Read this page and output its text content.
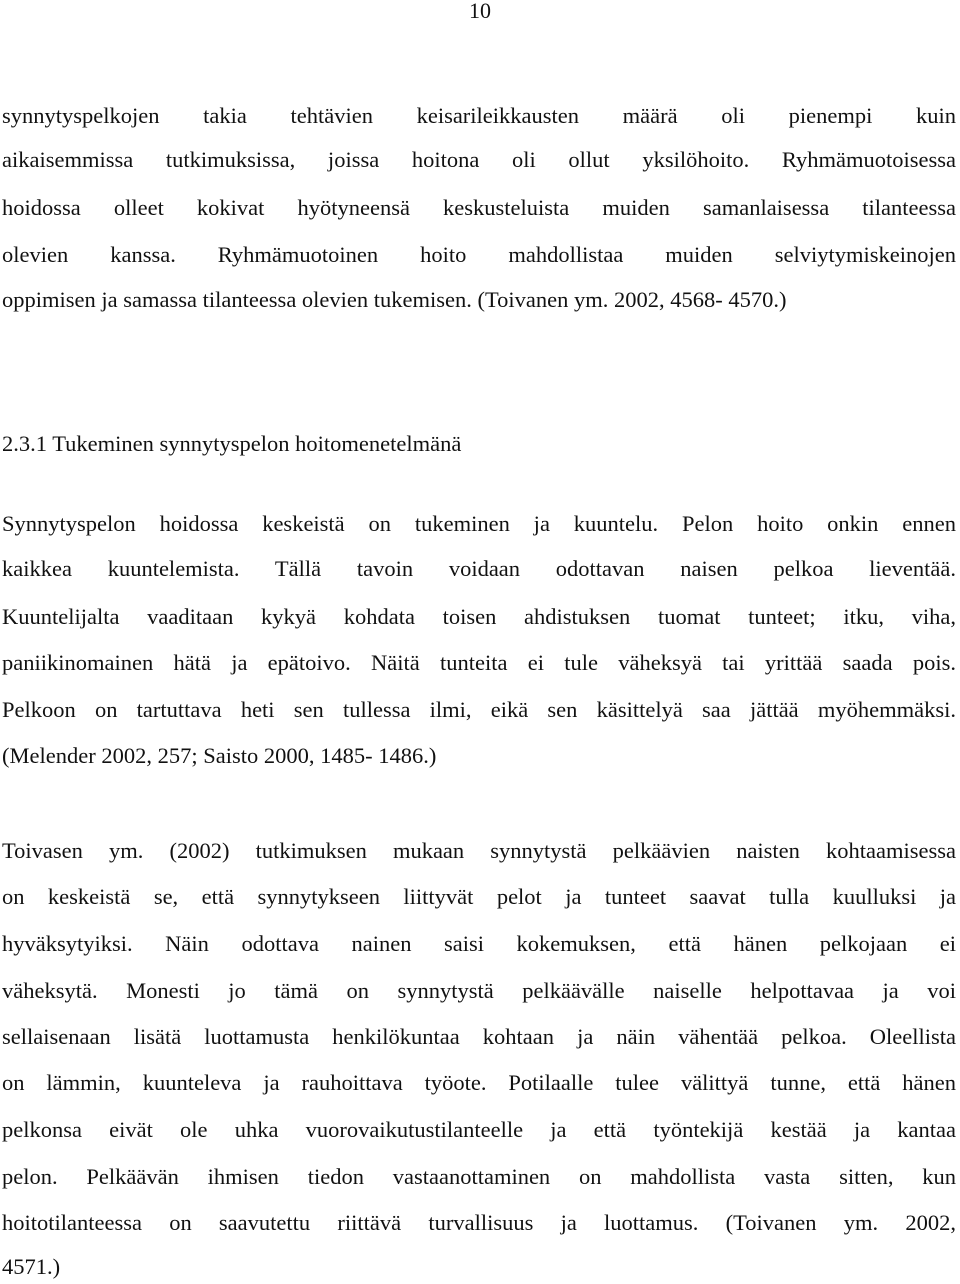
10
synnytyspelkojen takia tehtävien keisarileikkausten määrä oli pienempi kuin
aikaisemmissa tutkimuksissa, joissa hoitona oli ollut yksilöhoito. Ryhmämuotoisessa
hoidossa olleet kokivat hyötyneensä keskusteluista muiden samanlaisessa tilanteessa
olevien kanssa. Ryhmämuotoinen hoito mahdollistaa muiden selviytymiskeinojen
oppimisen ja samassa tilanteessa olevien tukemisen. (Toivanen ym. 2002, 4568- 4570.)
2.3.1 Tukeminen synnytyspelon hoitomenetelmänä
Synnytyspelon hoidossa keskeistä on tukeminen ja kuuntelu. Pelon hoito onkin ennen
kaikkea kuuntelemista. Tällä tavoin voidaan odottavan naisen pelkoa lieventää.
Kuuntelijalta vaaditaan kykyä kohdata toisen ahdistuksen tuomat tunteet; itku, viha,
paniikinomainen hätä ja epätoivo. Näitä tunteita ei tule väheksyä tai yrittää saada pois.
Pelkoon on tartuttava heti sen tullessa ilmi, eikä sen käsittelyä saa jättää myöhemmäksi.
(Melender 2002, 257; Saisto 2000, 1485- 1486.)
Toivasen ym. (2002) tutkimuksen mukaan synnytystä pelkäävien naisten kohtaamisessa
on keskeistä se, että synnytykseen liittyvät pelot ja tunteet saavat tulla kuulluksi ja
hyväksytyiksi. Näin odottava nainen saisi kokemuksen, että hänen pelkojaan ei
väheksytä. Monesti jo tämä on synnytystä pelkäävälle naiselle helpottavaa ja voi
sellaisenaan lisätä luottamusta henkilökuntaa kohtaan ja näin vähentää pelkoa. Oleellista
on lämmin, kuunteleva ja rauhoittava työote. Potilaalle tulee välittyä tunne, että hänen
pelkonsa eivät ole uhka vuorovaikutustilanteelle ja että työntekijä kestää ja kantaa
pelon. Pelkäävän ihmisen tiedon vastaanottaminen on mahdollista vasta sitten, kun
hoitotilanteessa on saavutettu riittävä turvallisuus ja luottamus. (Toivanen ym. 2002,
4571.)
